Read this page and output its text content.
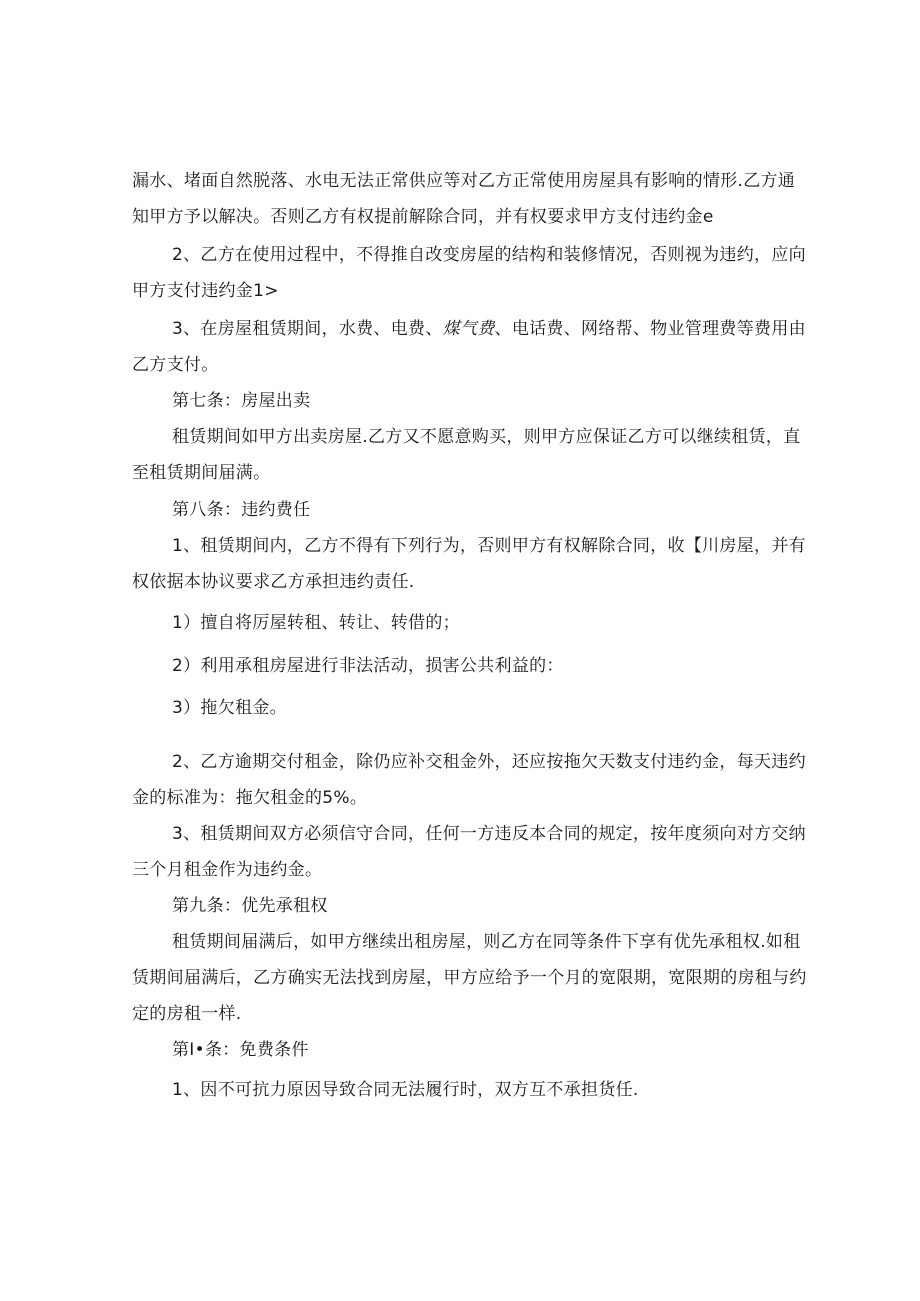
漏水、堵面自然脱落、水电无法正常供应等对乙方正常使用房屋具有影响的情形.乙方通
知甲方予以解决。否则乙方有权提前解除合同，并有权要求甲方支付违约金e
2、乙方在使用过程中，不得推自改变房屋的结构和装修情况，否则视为违约，应向
甲方支付违约金1>
3、在房屋租赁期间，水费、电费、煤气费、电话费、网络帮、物业管理费等费用由
乙方支付。
第七条：房屋出卖
租赁期间如甲方出卖房屋.乙方又不愿意购买，则甲方应保证乙方可以继续租赁，直
至租赁期间届满。
第八条：违约费任
1、租赁期间内，乙方不得有下列行为，否则甲方有权解除合同，收【川房屋，并有
权依据本协议要求乙方承担违约责任.
1）擅自将厉屋转租、转让、转借的；
2）利用承租房屋进行非法活动，损害公共利益的：
3）拖欠租金。
2、乙方逾期交付租金，除仍应补交租金外，还应按拖欠天数支付违约金，每天违约
金的标准为：拖欠租金的5%。
3、租赁期间双方必须信守合同，任何一方违反本合同的规定，按年度须向对方交纳
三个月租金作为违约金。
第九条：优先承租权
租赁期间届满后，如甲方继续出租房屋，则乙方在同等条件下享有优先承租权.如租
赁期间届满后，乙方确实无法找到房屋，甲方应给予一个月的宽限期，宽限期的房租与约
定的房租一样.
第I•条：免费条件
1、因不可抗力原因导致合同无法履行时，双方互不承担货任.
